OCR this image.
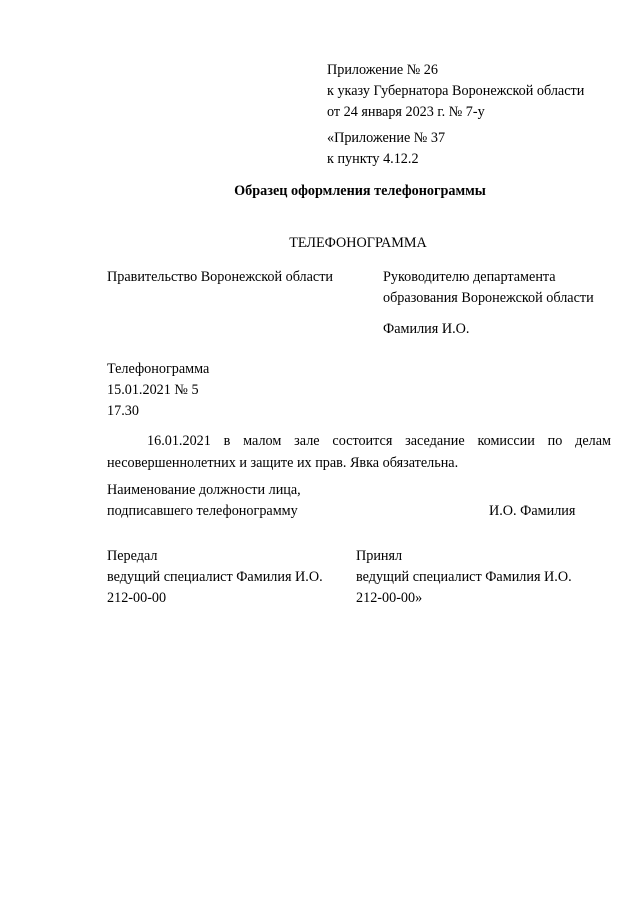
Приложение № 26
к указу Губернатора Воронежской области
от 24 января 2023 г. № 7-у
«Приложение № 37
к пункту 4.12.2
Образец оформления телефонограммы
ТЕЛЕФОНОГРАММА
Правительство Воронежской области	Руководителю департамента
образования Воронежской области
Фамилия И.О.
Телефонограмма
15.01.2021 № 5
17.30
16.01.2021 в малом зале состоится заседание комиссии по делам несовершеннолетних и защите их прав. Явка обязательна.
Наименование должности лица,
подписавшего телефонограмму	И.О. Фамилия
Передал
ведущий специалист Фамилия И.О.
212-00-00
Принял
ведущий специалист Фамилия И.О.
212-00-00»
